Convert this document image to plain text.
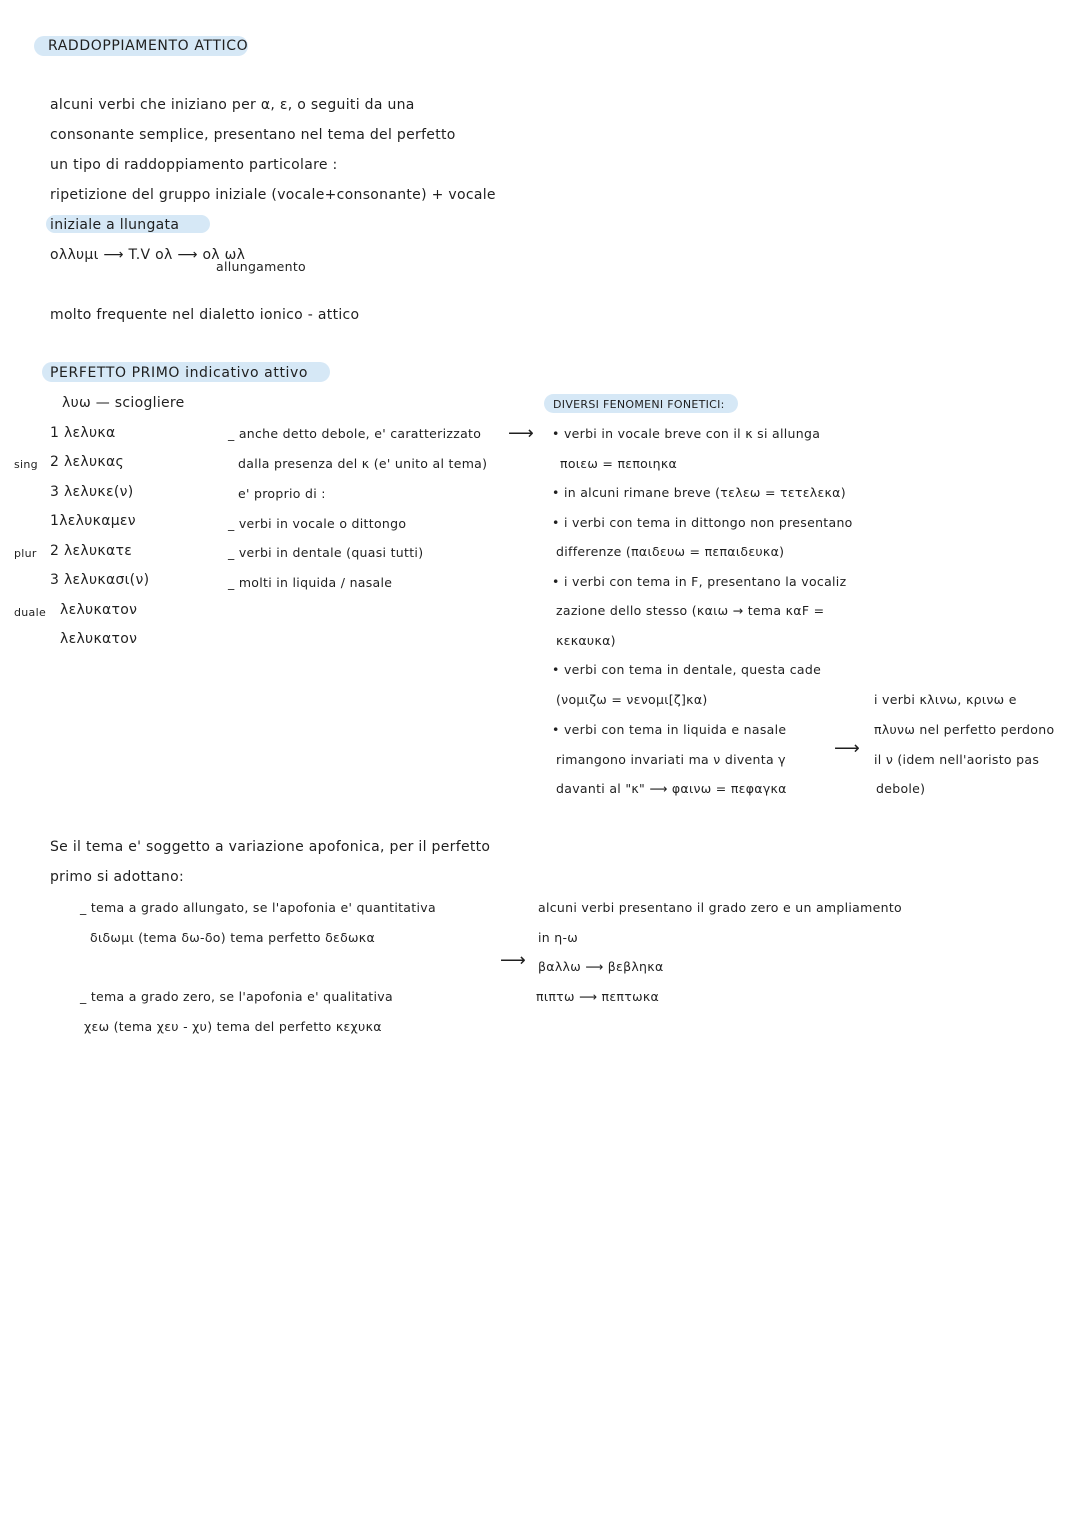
RADDOPPIAMENTO ATTICO
alcuni verbi che iniziano per α, ε, ο seguiti da una
consonante semplice, presentano nel tema del perfetto
un tipo di raddoppiamento particolare :
ripetizione del gruppo iniziale (vocale+consonante) + vocale
iniziale a llungata
ολλυμι ⟶ T.V ολ ⟶ ολ ωλ
allungamento
molto frequente nel dialetto ionico - attico
PERFETTO PRIMO indicativo attivo
λυω — sciogliere
sing
plur
duale
1 λελυκα
2 λελυκας
3 λελυκε(ν)
1λελυκαμεν
2 λελυκατε
3 λελυκασι(ν)
λελυκατον
λελυκατον
_ anche detto debole, e' caratterizzato ⟶
dalla presenza del κ (e' unito al tema)
e' proprio di :
_ verbi in vocale o dittongo
_ verbi in dentale (quasi tutti)
_ molti in liquida / nasale
DIVERSI FENOMENI FONETICI:
• verbi in vocale breve con il κ si allunga
ποιεω = πεποιηκα
• in alcuni rimane breve (τελεω = τετελεκα)
• i verbi con tema in dittongo non presentano
differenze (παιδευω = πεπαιδευκα)
• i verbi con tema in F, presentano la vocaliz
zazione dello stesso (καιω → tema καF =
κεκαυκα)
• verbi con tema in dentale, questa cade
(νομιζω = νενομι[ζ]κα)
• verbi con tema in liquida e nasale
rimangono invariati ma ν diventa γ
davanti al "κ" ⟶ φαινω = πεφαγκα
⟶
i verbi κλινω, κρινω e
πλυνω nel perfetto perdono
il ν (idem nell'aoristo pas
debole)
Se il tema e' soggetto a variazione apofonica, per il perfetto
primo si adottano:
_ tema a grado allungato, se l'apofonia e' quantitativa
διδωμι (tema δω-δο) tema perfetto δεδωκα
_ tema a grado zero, se l'apofonia e' qualitativa
χεω (tema χευ - χυ) tema del perfetto κεχυκα
⟶
alcuni verbi presentano il grado zero e un ampliamento
in η-ω
βαλλω ⟶ βεβληκα
πιπτω ⟶ πεπτωκα
